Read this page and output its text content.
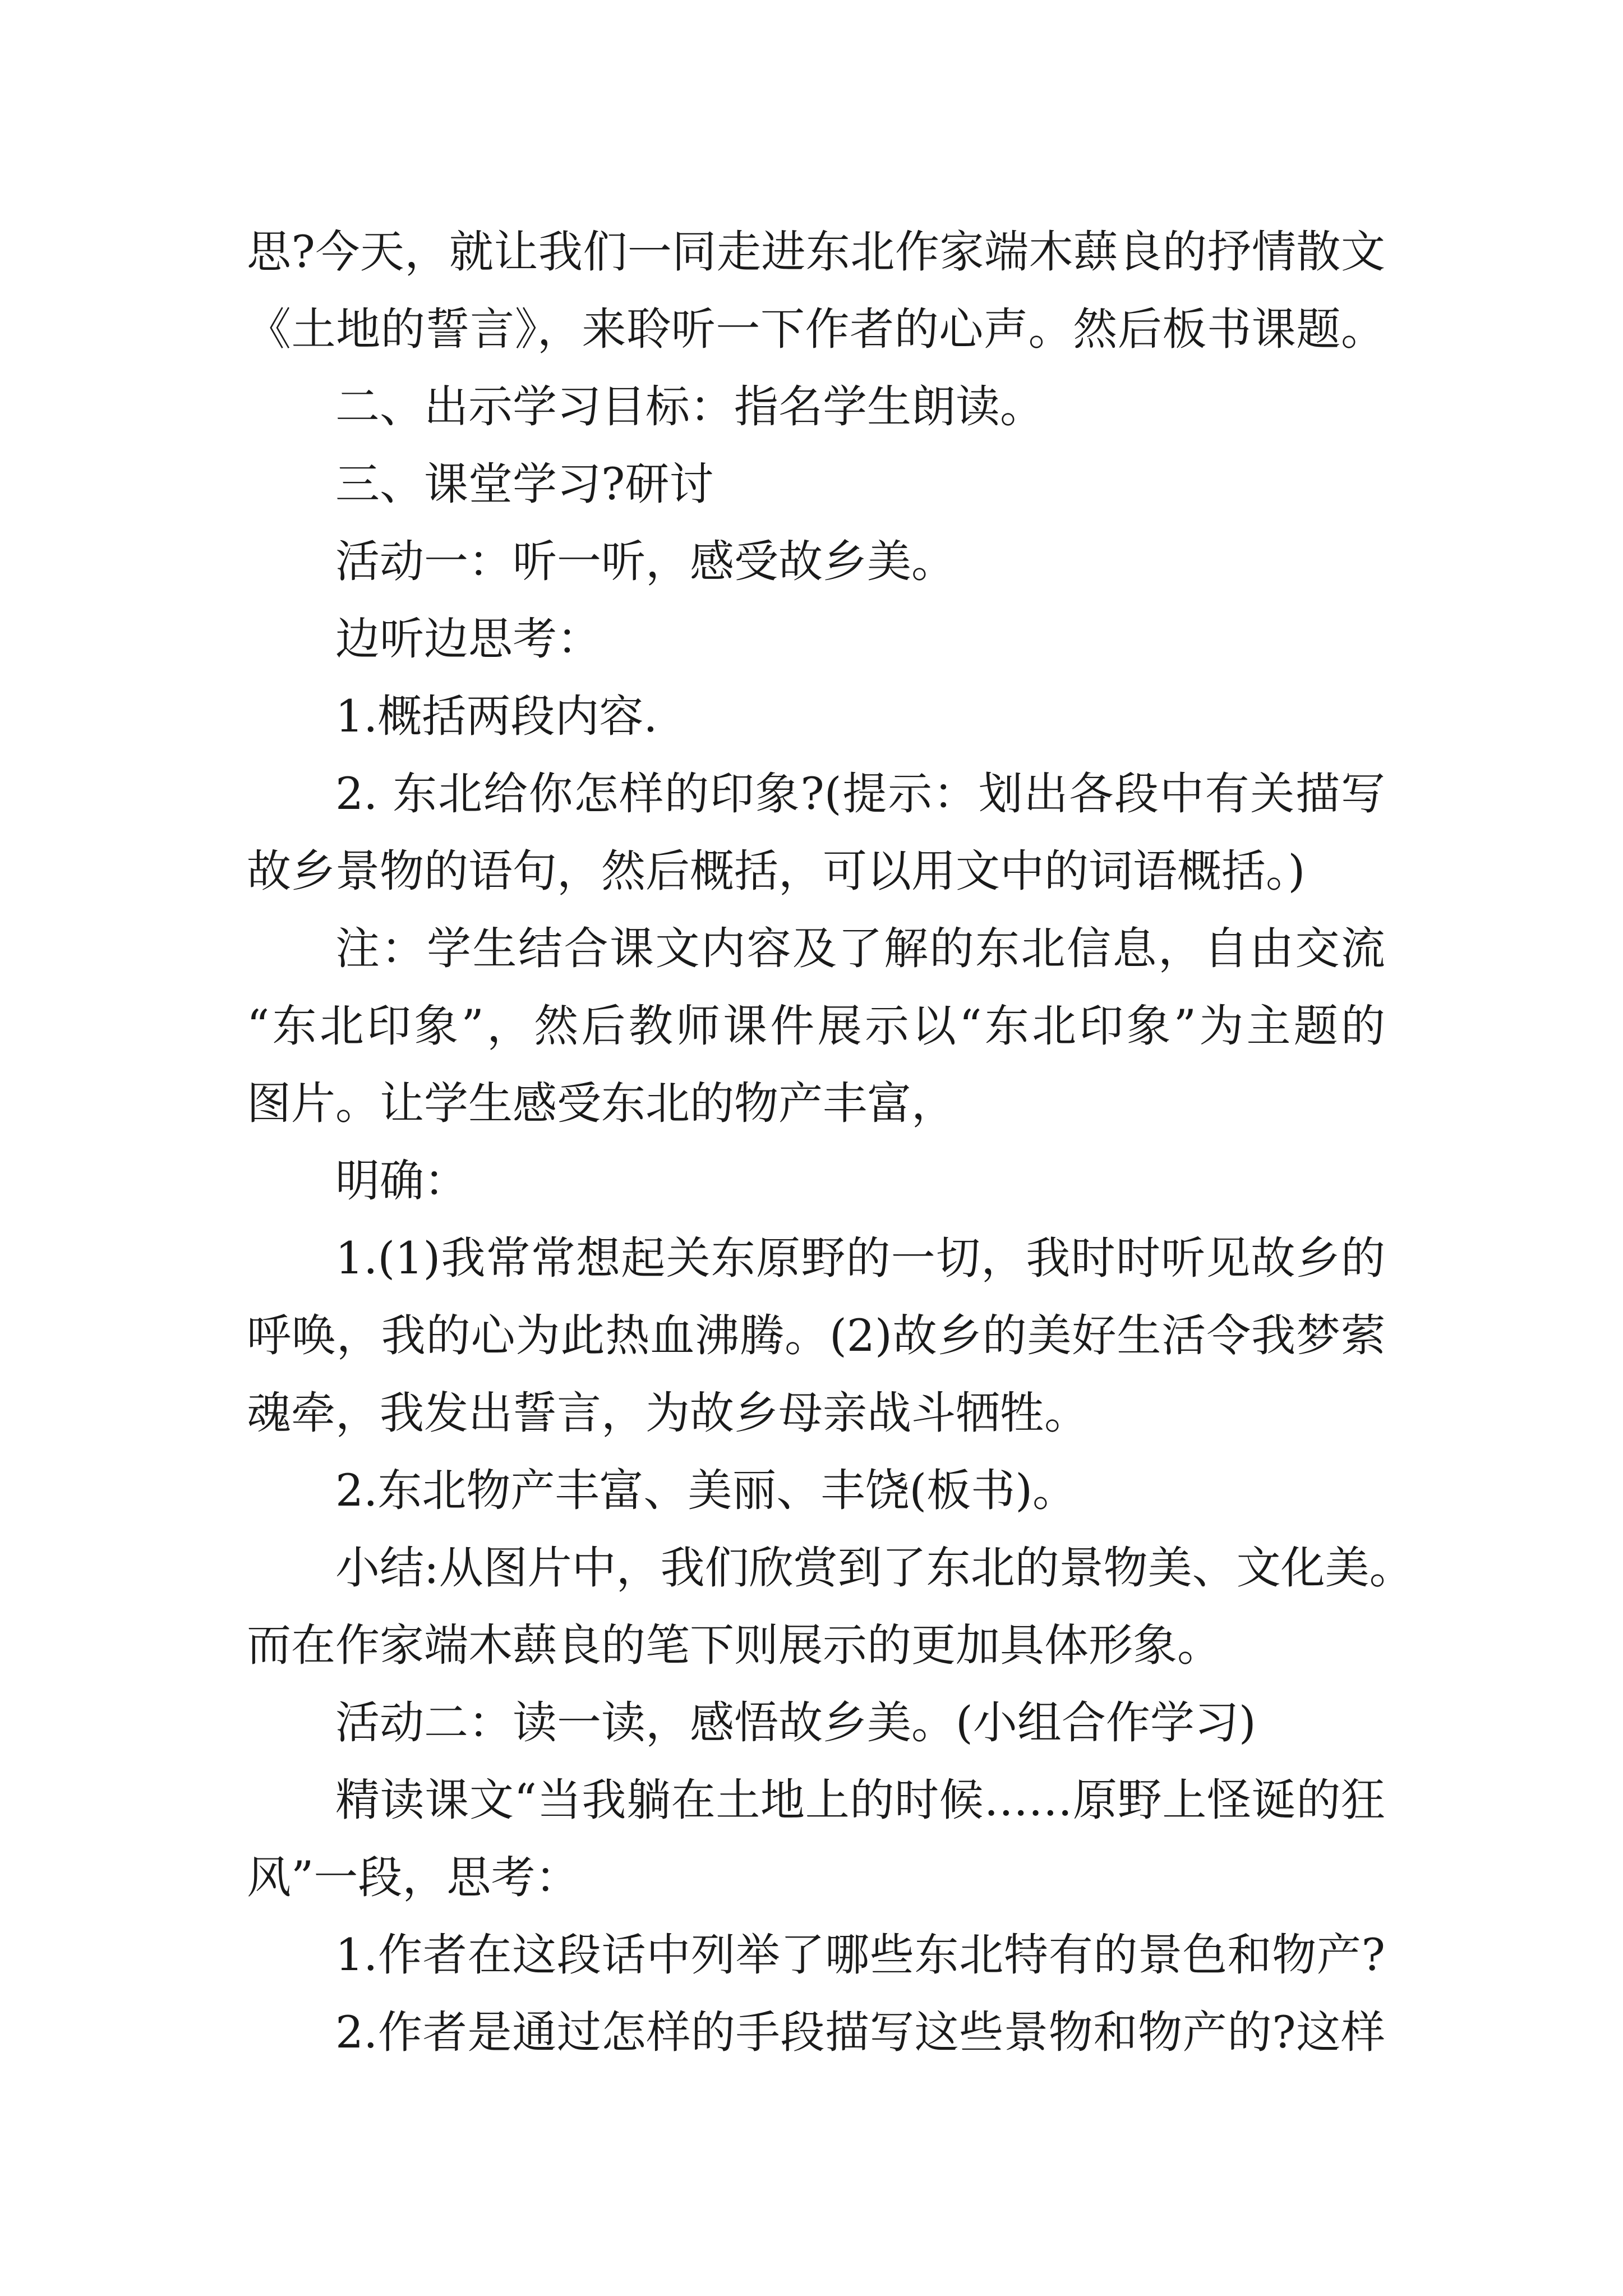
思?今天，就让我们一同走进东北作家端木蕻良的抒情散文
《土地的誓言》，来聆听一下作者的心声。然后板书课题。
二、出示学习目标：指名学生朗读。
三、课堂学习?研讨
活动一：听一听，感受故乡美。
边听边思考：
1.概括两段内容.
2. 东北给你怎样的印象?(提示：划出各段中有关描写
故乡景物的语句，然后概括，可以用文中的词语概括。)
注：学生结合课文内容及了解的东北信息，自由交流
“东北印象”，然后教师课件展示以“东北印象”为主题的
图片。让学生感受东北的物产丰富，
明确：
1.(1)我常常想起关东原野的一切，我时时听见故乡的
呼唤，我的心为此热血沸腾。(2)故乡的美好生活令我梦萦
魂牵，我发出誓言，为故乡母亲战斗牺牲。
2.东北物产丰富、美丽、丰饶(板书)。
小结:从图片中，我们欣赏到了东北的景物美、文化美。
而在作家端木蕻良的笔下则展示的更加具体形象。
活动二：读一读，感悟故乡美。(小组合作学习)
精读课文“当我躺在土地上的时候……原野上怪诞的狂
风”一段，思考：
1.作者在这段话中列举了哪些东北特有的景色和物产?
2.作者是通过怎样的手段描写这些景物和物产的?这样
